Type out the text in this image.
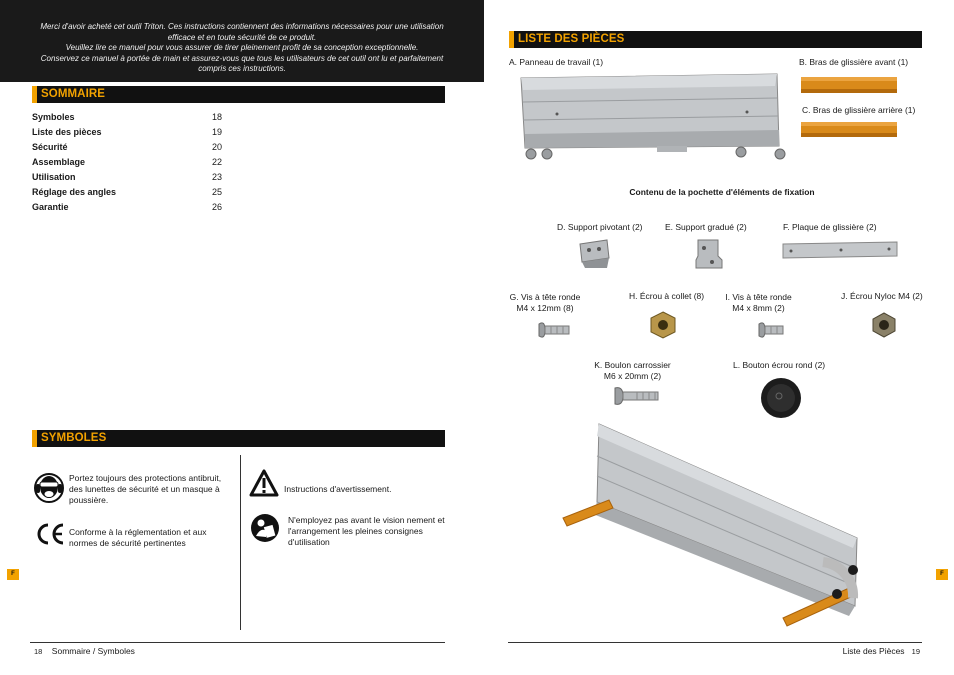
Merci d'avoir acheté cet outil Triton. Ces instructions contiennent des informations nécessaires pour une utilisation

efficace et en toute sécurité de ce produit.

Veuillez lire ce manuel pour vous assurer de tirer pleinement profit de sa conception exceptionnelle.

Conservez ce manuel à portée de main et assurez-vous que tous les utilisateurs de cet outil ont lu et parfaitement

compris ces instructions.

SOMMAIRE
Symboles	18
Liste des pièces	19
Sécurité	20
Assemblage	22
Utilisation	23
Réglage des angles	25
Garantie	26
SYMBOLES
Portez toujours des protections antibruit, des lunettes de sécurité et un masque à poussière.
Conforme à la réglementation et aux normes de sécurité pertinentes
Instructions d'avertissement.
N'employez pas avant le vision nement et l'arrangement les pleines consignes d'utilisation
F
18 Sommaire / Symboles
LISTE DES PIÈCES
A. Panneau de travail (1)	B. Bras de glissière avant (1)
C. Bras de glissière arrière (1)
Contenu de la pochette d'éléments de fixation
D. Support pivotant (2)	E. Support gradué (2)	F. Plaque de glissière (2)
G. Vis à tête ronde
M4 x 12mm (8)
H. Écrou à collet (8)	I. Vis à tête ronde
M4 x 8mm (2)
J. Écrou Nyloc M4 (2)
K. Boulon carrossier
M6 x 20mm (2)
L. Bouton écrou rond (2)
F
Liste des Pièces 19
